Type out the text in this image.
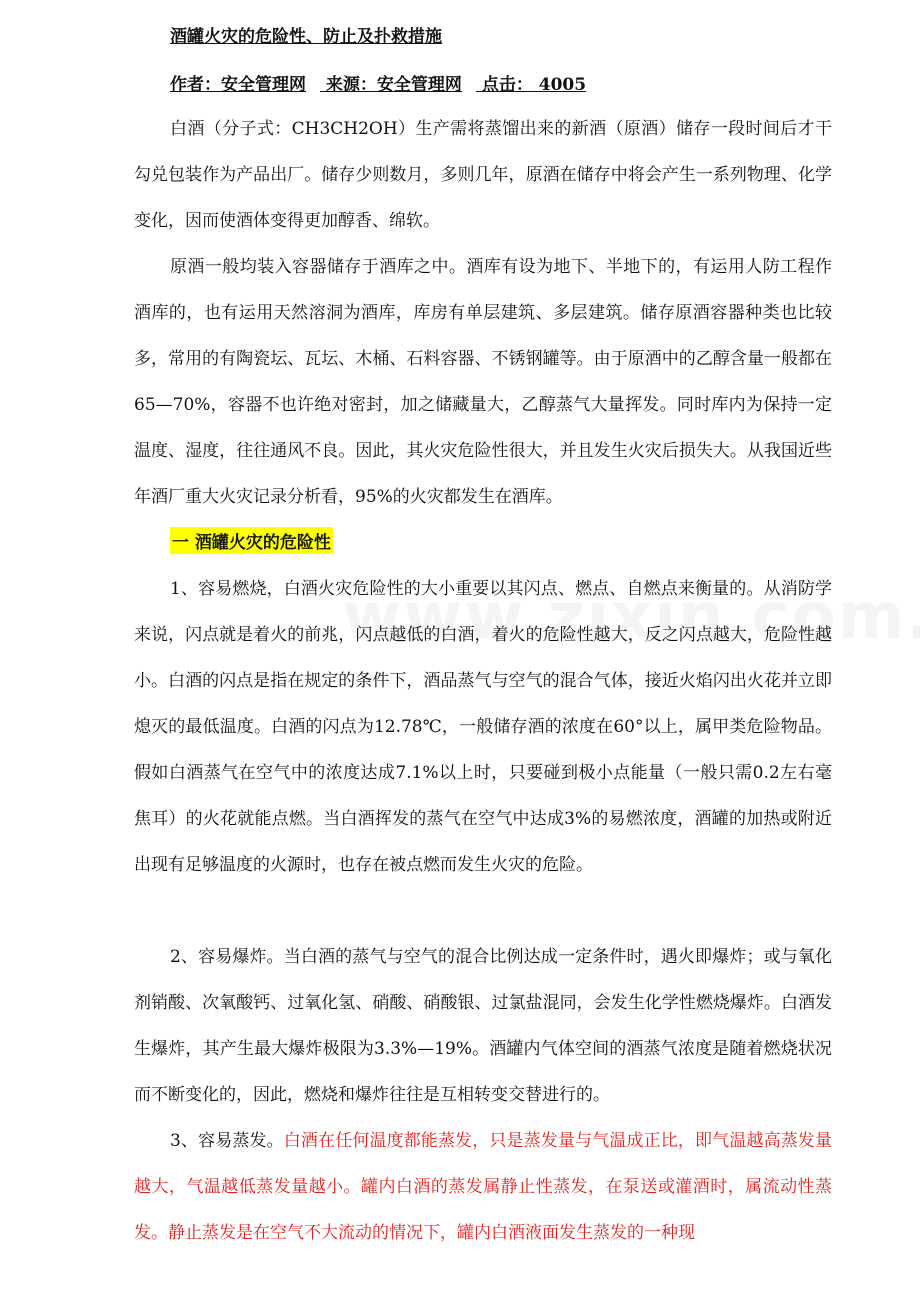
酒罐火灾的危险性、防止及扑救措施

作者：安全管理网 来源：安全管理网 点击： 4005

白酒（分子式：CH3CH2OH）生产需将蒸馏出来的新酒（原酒）储存一段时间后才干勾兑包装作为产品出厂。储存少则数月，多则几年，原酒在储存中将会产生一系列物理、化学变化，因而使酒体变得更加醇香、绵软。

原酒一般均装入容器储存于酒库之中。酒库有设为地下、半地下的，有运用人防工程作酒库的，也有运用天然溶洞为酒库，库房有单层建筑、多层建筑。储存原酒容器种类也比较多，常用的有陶瓷坛、瓦坛、木桶、石料容器、不锈钢罐等。由于原酒中的乙醇含量一般都在65—70%，容器不也许绝对密封，加之储藏量大，乙醇蒸气大量挥发。同时库内为保持一定温度、湿度，往往通风不良。因此，其火灾危险性很大，并且发生火灾后损失大。从我国近些年酒厂重大火灾记录分析看，95%的火灾都发生在酒库。

一 酒罐火灾的危险性

1、容易燃烧，白酒火灾危险性的大小重要以其闪点、燃点、自燃点来衡量的。从消防学来说，闪点就是着火的前兆，闪点越低的白酒，着火的危险性越大，反之闪点越大，危险性越小。白酒的闪点是指在规定的条件下，酒品蒸气与空气的混合气体，接近火焰闪出火花并立即熄灭的最低温度。白酒的闪点为12.78℃，一般储存酒的浓度在60°以上，属甲类危险物品。假如白酒蒸气在空气中的浓度达成7.1%以上时，只要碰到极小点能量（一般只需0.2左右毫焦耳）的火花就能点燃。当白酒挥发的蒸气在空气中达成3%的易燃浓度，酒罐的加热或附近出现有足够温度的火源时，也存在被点燃而发生火灾的危险。

2、容易爆炸。当白酒的蒸气与空气的混合比例达成一定条件时，遇火即爆炸；或与氧化剂销酸、次氧酸钙、过氧化氢、硝酸、硝酸银、过氯盐混同，会发生化学性燃烧爆炸。白酒发生爆炸，其产生最大爆炸极限为3.3%—19%。酒罐内气体空间的酒蒸气浓度是随着燃烧状况而不断变化的，因此，燃烧和爆炸往往是互相转变交替进行的。

3、容易蒸发。白酒在任何温度都能蒸发，只是蒸发量与气温成正比，即气温越高蒸发量越大，气温越低蒸发量越小。罐内白酒的蒸发属静止性蒸发，在泵送或灌酒时，属流动性蒸发。静止蒸发是在空气不大流动的情况下，罐内白酒液面发生蒸发的一种现
